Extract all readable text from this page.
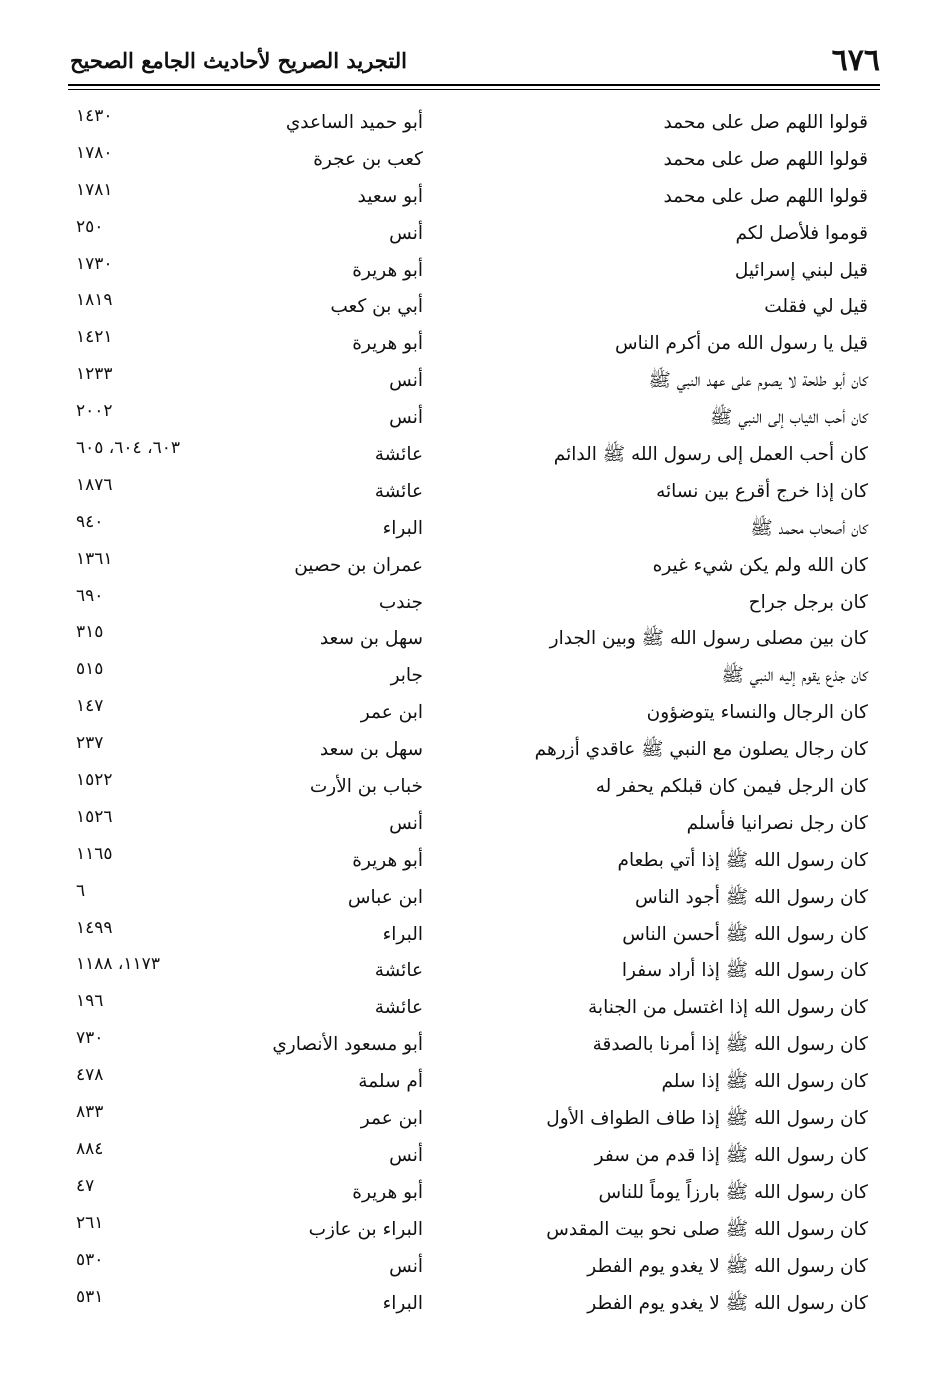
٦٧٦
التجريد الصريح لأحاديث الجامع الصحيح
قولوا اللهم صل على محمد
أبو حميد الساعدي
١٤٣٠
قولوا اللهم صل على محمد
كعب بن عجرة
١٧٨٠
قولوا اللهم صل على محمد
أبو سعيد
١٧٨١
قوموا فلأصل لكم
أنس
٢٥٠
قيل لبني إسرائيل
أبو هريرة
١٧٣٠
قيل لي فقلت
أبي بن كعب
١٨١٩
قيل يا رسول الله من أكرم الناس
أبو هريرة
١٤٢١
كان أبو طلحة لا يصوم على عهد النبي ﷺ
أنس
١٢٣٣
كان أحب الثياب إلى النبي ﷺ
أنس
٢٠٠٢
كان أحب العمل إلى رسول الله ﷺ الدائم
عائشة
٦٠٣، ٦٠٤، ٦٠٥
كان إذا خرج أقرع بين نسائه
عائشة
١٨٧٦
كان أصحاب محمد ﷺ
البراء
٩٤٠
كان الله ولم يكن شيء غيره
عمران بن حصين
١٣٦١
كان برجل جراح
جندب
٦٩٠
كان بين مصلى رسول الله ﷺ وبين الجدار
سهل بن سعد
٣١٥
كان جذع يقوم إليه النبي ﷺ
جابر
٥١٥
كان الرجال والنساء يتوضؤون
ابن عمر
١٤٧
كان رجال يصلون مع النبي ﷺ عاقدي أزرهم
سهل بن سعد
٢٣٧
كان الرجل فيمن كان قبلكم يحفر له
خباب بن الأرت
١٥٢٢
كان رجل نصرانيا فأسلم
أنس
١٥٢٦
كان رسول الله ﷺ إذا أتي بطعام
أبو هريرة
١١٦٥
كان رسول الله ﷺ أجود الناس
ابن عباس
٦
كان رسول الله ﷺ أحسن الناس
البراء
١٤٩٩
كان رسول الله ﷺ إذا أراد سفرا
عائشة
١١٧٣، ١١٨٨
كان رسول الله إذا اغتسل من الجنابة
عائشة
١٩٦
كان رسول الله ﷺ إذا أمرنا بالصدقة
أبو مسعود الأنصاري
٧٣٠
كان رسول الله ﷺ إذا سلم
أم سلمة
٤٧٨
كان رسول الله ﷺ إذا طاف الطواف الأول
ابن عمر
٨٣٣
كان رسول الله ﷺ إذا قدم من سفر
أنس
٨٨٤
كان رسول الله ﷺ بارزاً يوماً للناس
أبو هريرة
٤٧
كان رسول الله ﷺ صلى نحو بيت المقدس
البراء بن عازب
٢٦١
كان رسول الله ﷺ لا يغدو يوم الفطر
أنس
٥٣٠
كان رسول الله ﷺ لا يغدو يوم الفطر
البراء
٥٣١
